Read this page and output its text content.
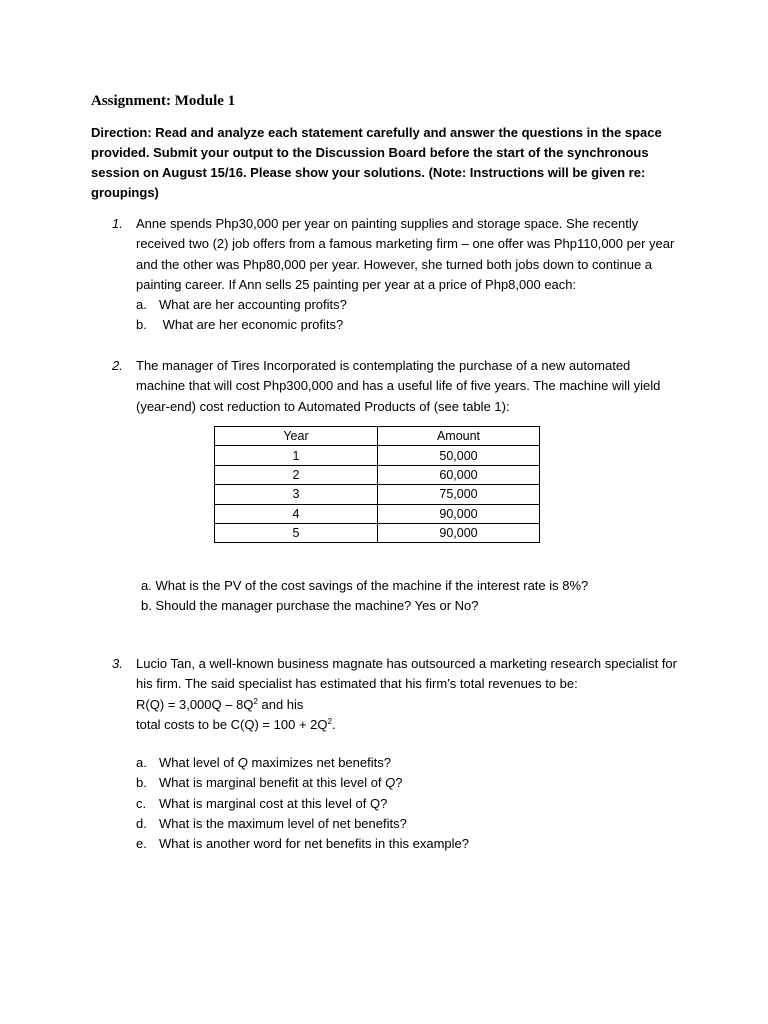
Assignment: Module 1
Direction: Read and analyze each statement carefully and answer the questions in the space provided. Submit your output to the Discussion Board before the start of the synchronous session on August 15/16. Please show your solutions. (Note: Instructions will be given re: groupings)
1. Anne spends Php30,000 per year on painting supplies and storage space. She recently received two (2) job offers from a famous marketing firm – one offer was Php110,000 per year and the other was Php80,000 per year. However, she turned both jobs down to continue a painting career. If Ann sells 25 painting per year at a price of Php8,000 each:
a. What are her accounting profits?
b. What are her economic profits?
2. The manager of Tires Incorporated is contemplating the purchase of a new automated machine that will cost Php300,000 and has a useful life of five years. The machine will yield (year-end) cost reduction to Automated Products of (see table 1):
Year	Amount
1	50,000
2	60,000
3	75,000
4	90,000
5	90,000
a. What is the PV of the cost savings of the machine if the interest rate is 8%?
b. Should the manager purchase the machine? Yes or No?
3. Lucio Tan, a well-known business magnate has outsourced a marketing research specialist for his firm. The said specialist has estimated that his firm’s total revenues to be:
$R(Q) = 3,000Q - 8Q^2$ and his
total costs to be $C(Q) = 100 + 2Q^2$.
a. What level of Q maximizes net benefits?
b. What is marginal benefit at this level of Q?
c. What is marginal cost at this level of Q?
d. What is the maximum level of net benefits?
e. What is another word for net benefits in this example?
